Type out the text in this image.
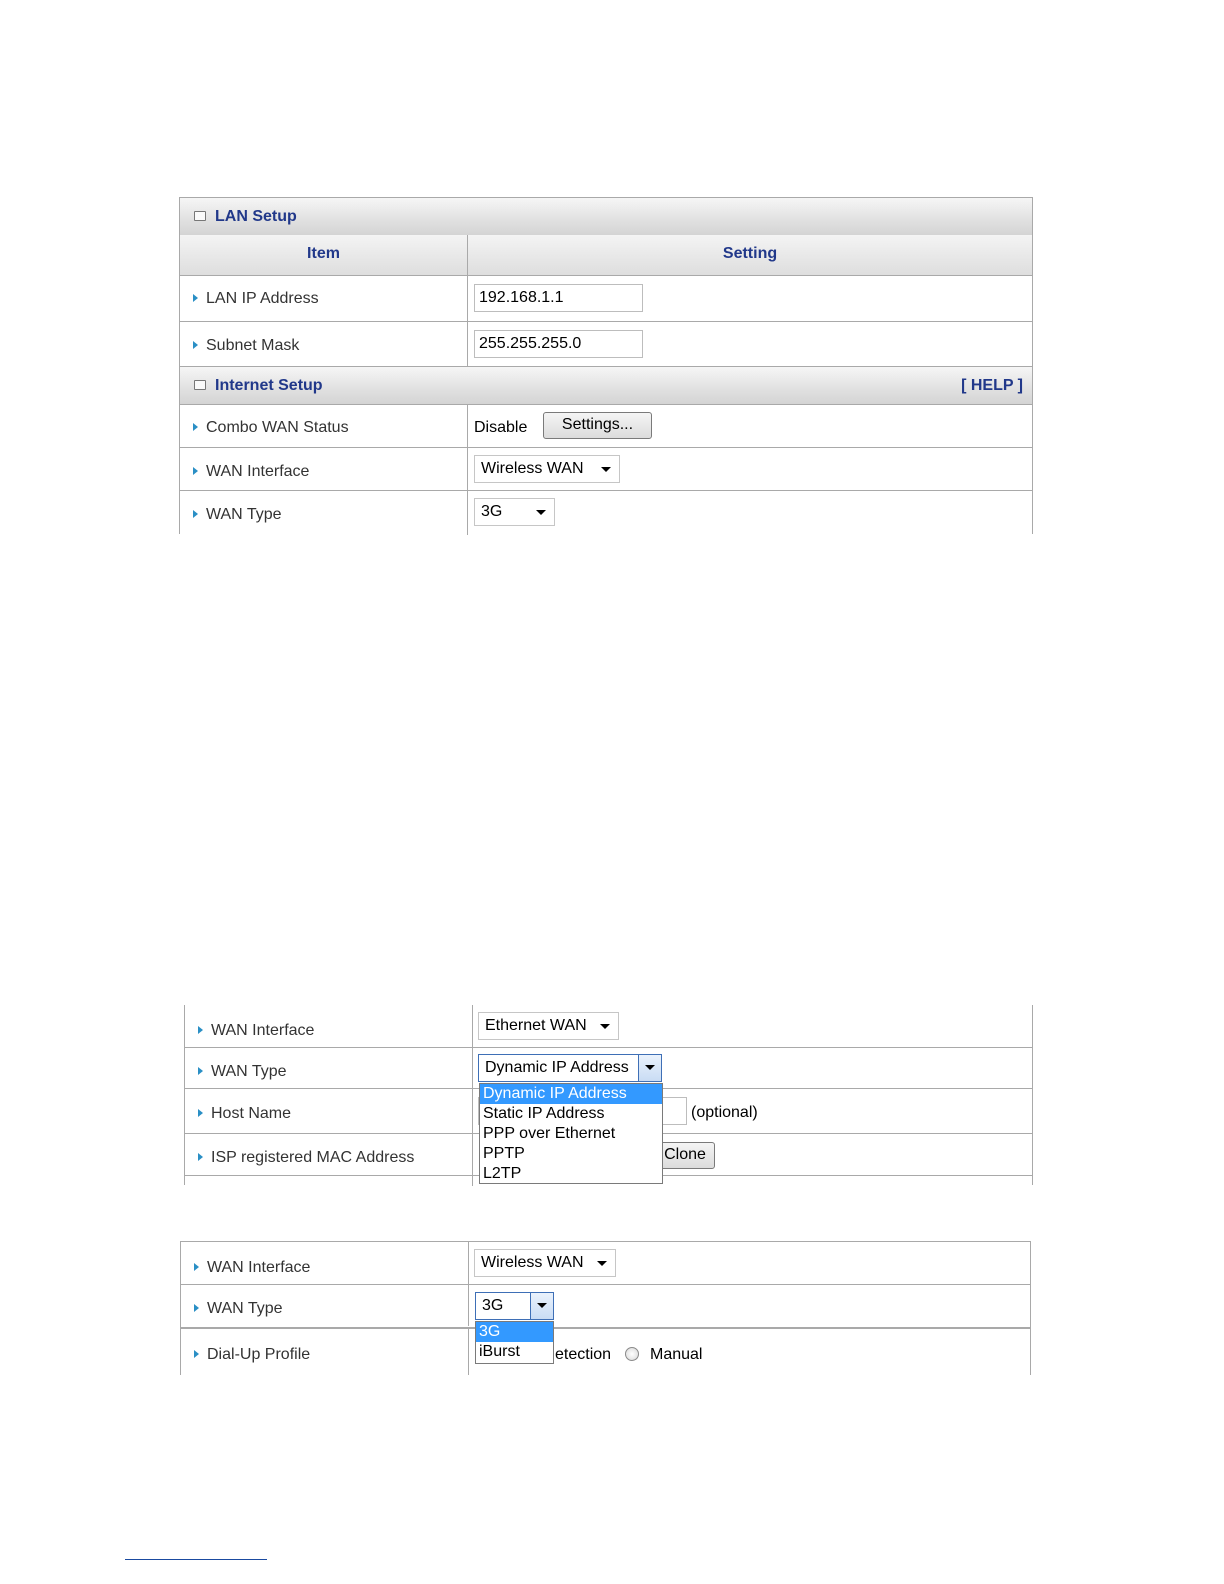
LAN Setup
Item	Setting
LAN IP Address	192.168.1.1
Subnet Mask	255.255.255.0
Internet Setup	[ HELP ]
Combo WAN Status	Disable	Settings...
WAN Interface	Wireless WAN
WAN Type	3G
WAN Interface	Ethernet WAN
WAN Type	Dynamic IP Address
Host Name	(optional)
ISP registered MAC Address	Clone
Dynamic IP Address
Static IP Address
PPP over Ethernet
PPTP
L2TP
WAN Interface	Wireless WAN
WAN Type	3G
Dial-Up Profile	etection Manual
3G
iBurst
